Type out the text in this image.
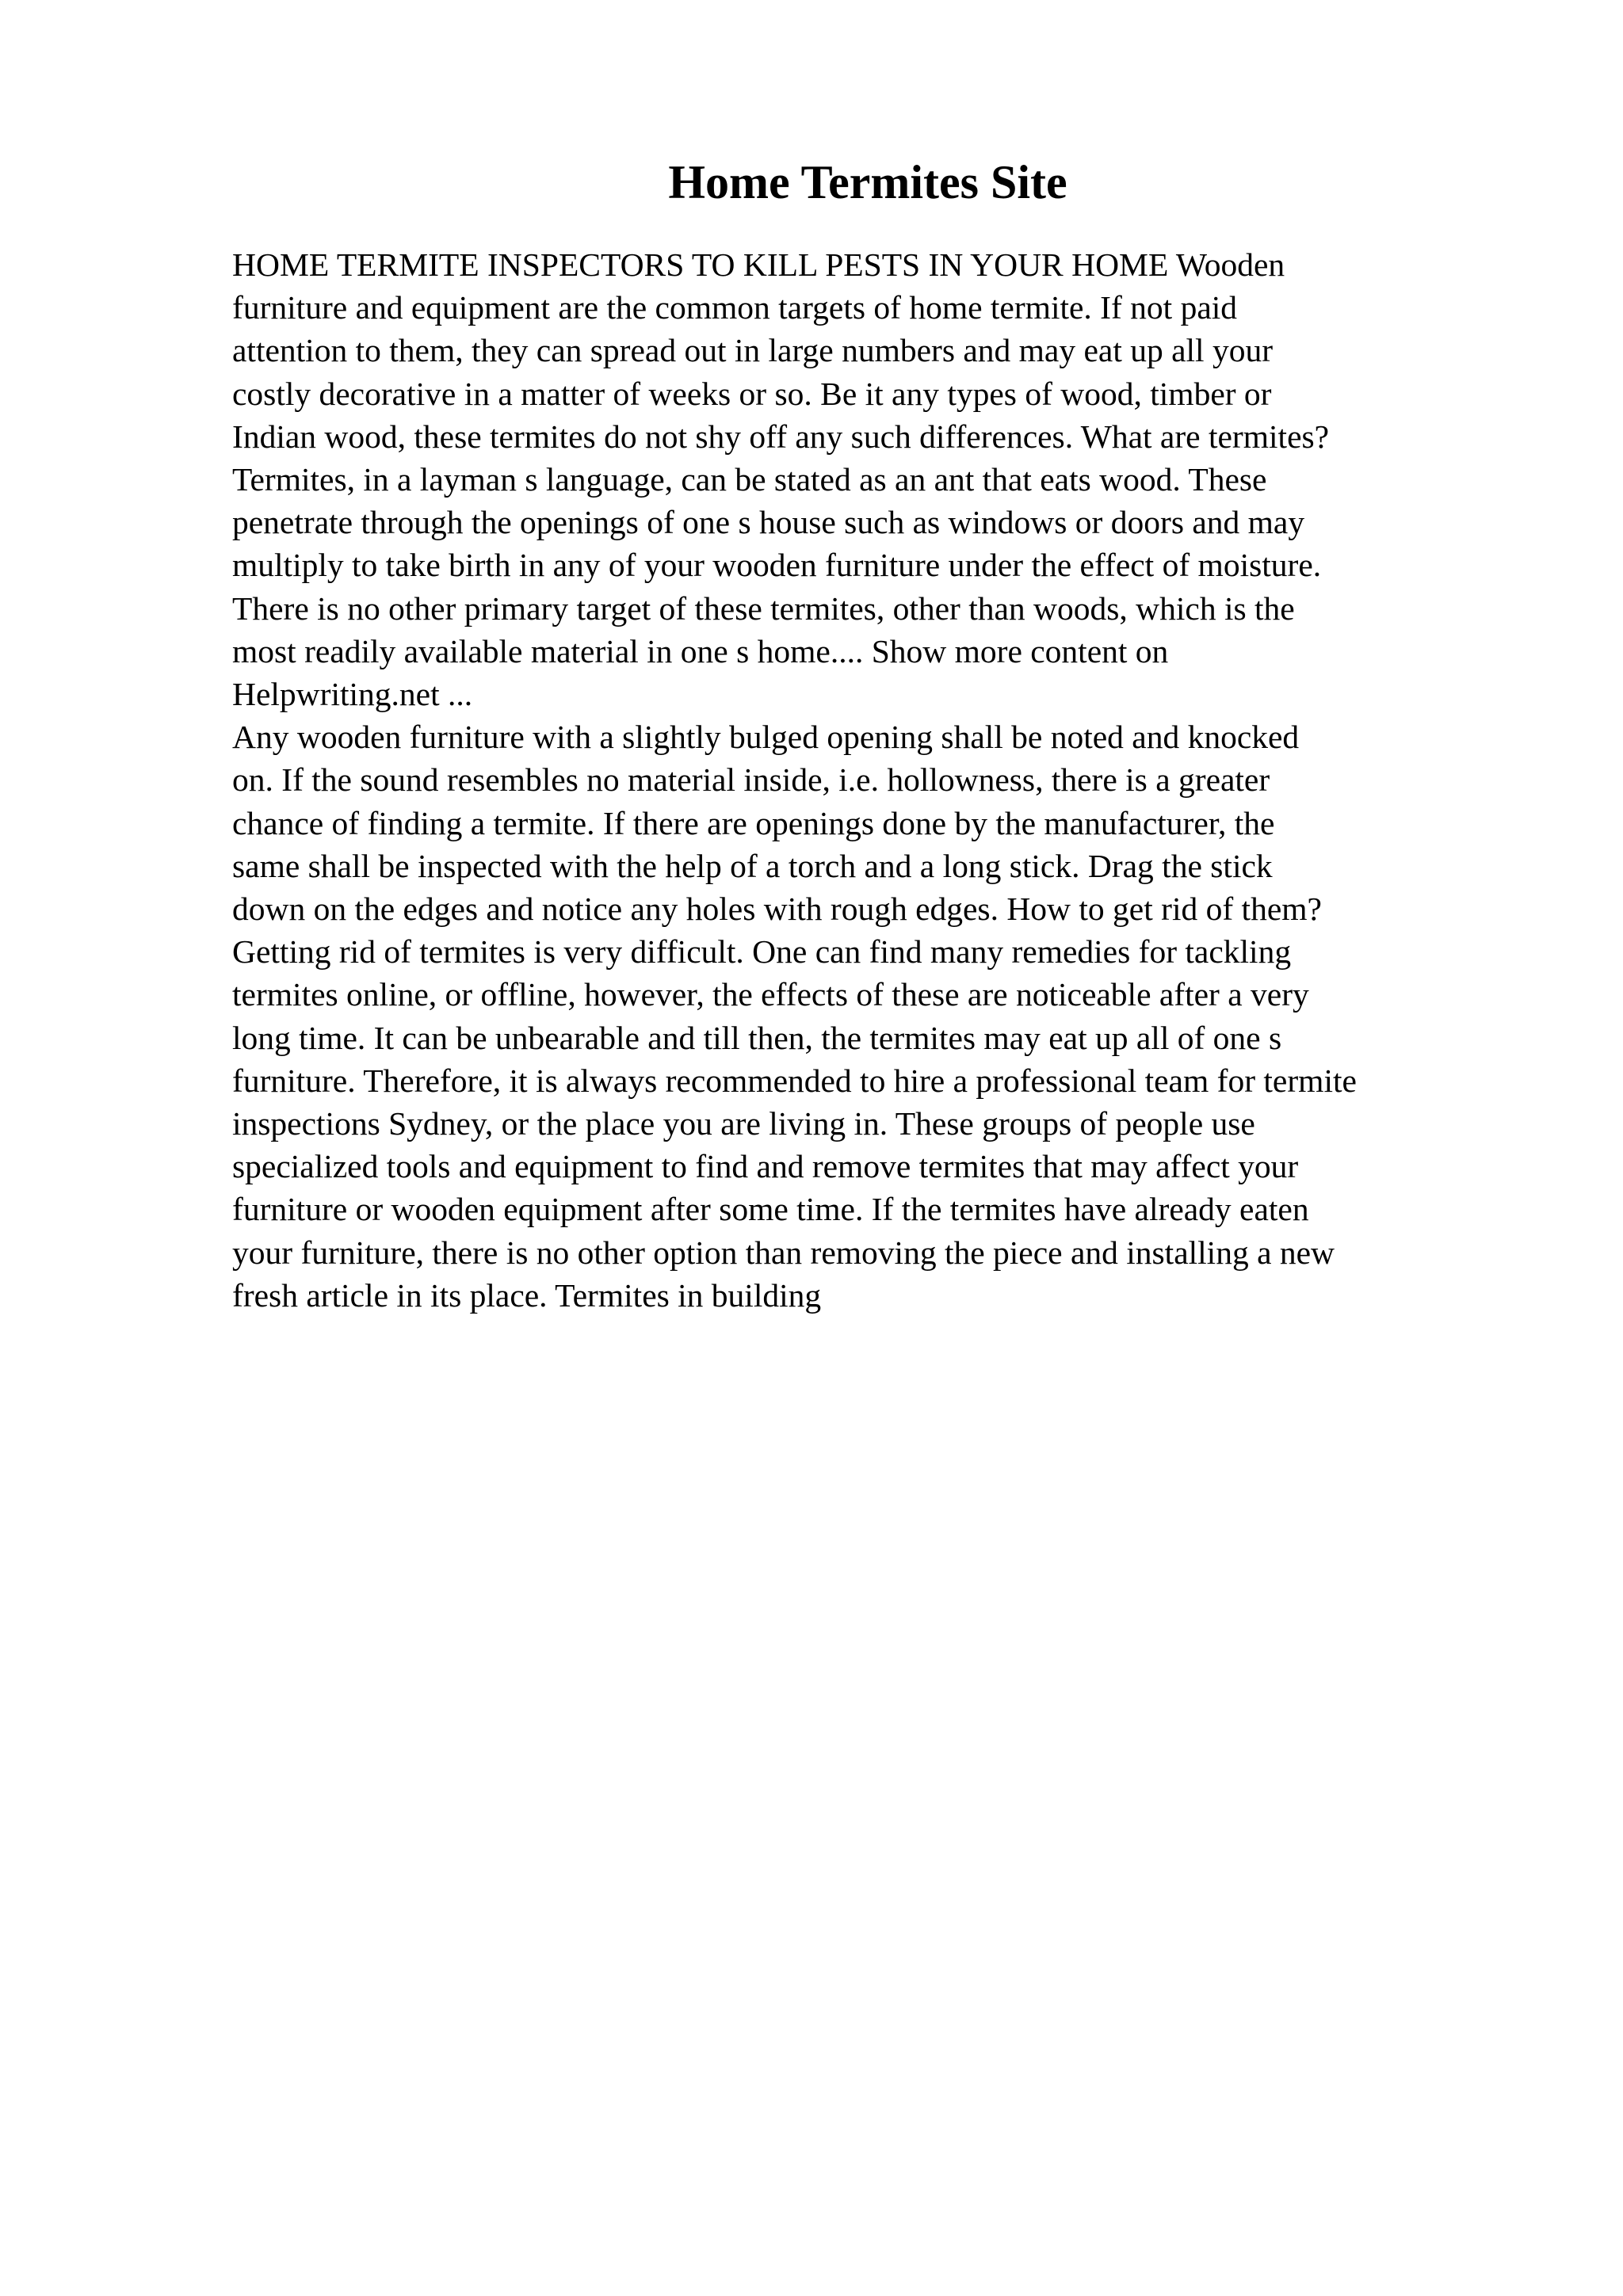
Home Termites Site
HOME TERMITE INSPECTORS TO KILL PESTS IN YOUR HOME Wooden
furniture and equipment are the common targets of home termite. If not paid
attention to them, they can spread out in large numbers and may eat up all your
costly decorative in a matter of weeks or so. Be it any types of wood, timber or
Indian wood, these termites do not shy off any such differences. What are termites?
Termites, in a layman s language, can be stated as an ant that eats wood. These
penetrate through the openings of one s house such as windows or doors and may
multiply to take birth in any of your wooden furniture under the effect of moisture.
There is no other primary target of these termites, other than woods, which is the
most readily available material in one s home.... Show more content on
Helpwriting.net ...
Any wooden furniture with a slightly bulged opening shall be noted and knocked
on. If the sound resembles no material inside, i.e. hollowness, there is a greater
chance of finding a termite. If there are openings done by the manufacturer, the
same shall be inspected with the help of a torch and a long stick. Drag the stick
down on the edges and notice any holes with rough edges. How to get rid of them?
Getting rid of termites is very difficult. One can find many remedies for tackling
termites online, or offline, however, the effects of these are noticeable after a very
long time. It can be unbearable and till then, the termites may eat up all of one s
furniture. Therefore, it is always recommended to hire a professional team for termite
inspections Sydney, or the place you are living in. These groups of people use
specialized tools and equipment to find and remove termites that may affect your
furniture or wooden equipment after some time. If the termites have already eaten
your furniture, there is no other option than removing the piece and installing a new
fresh article in its place. Termites in building
